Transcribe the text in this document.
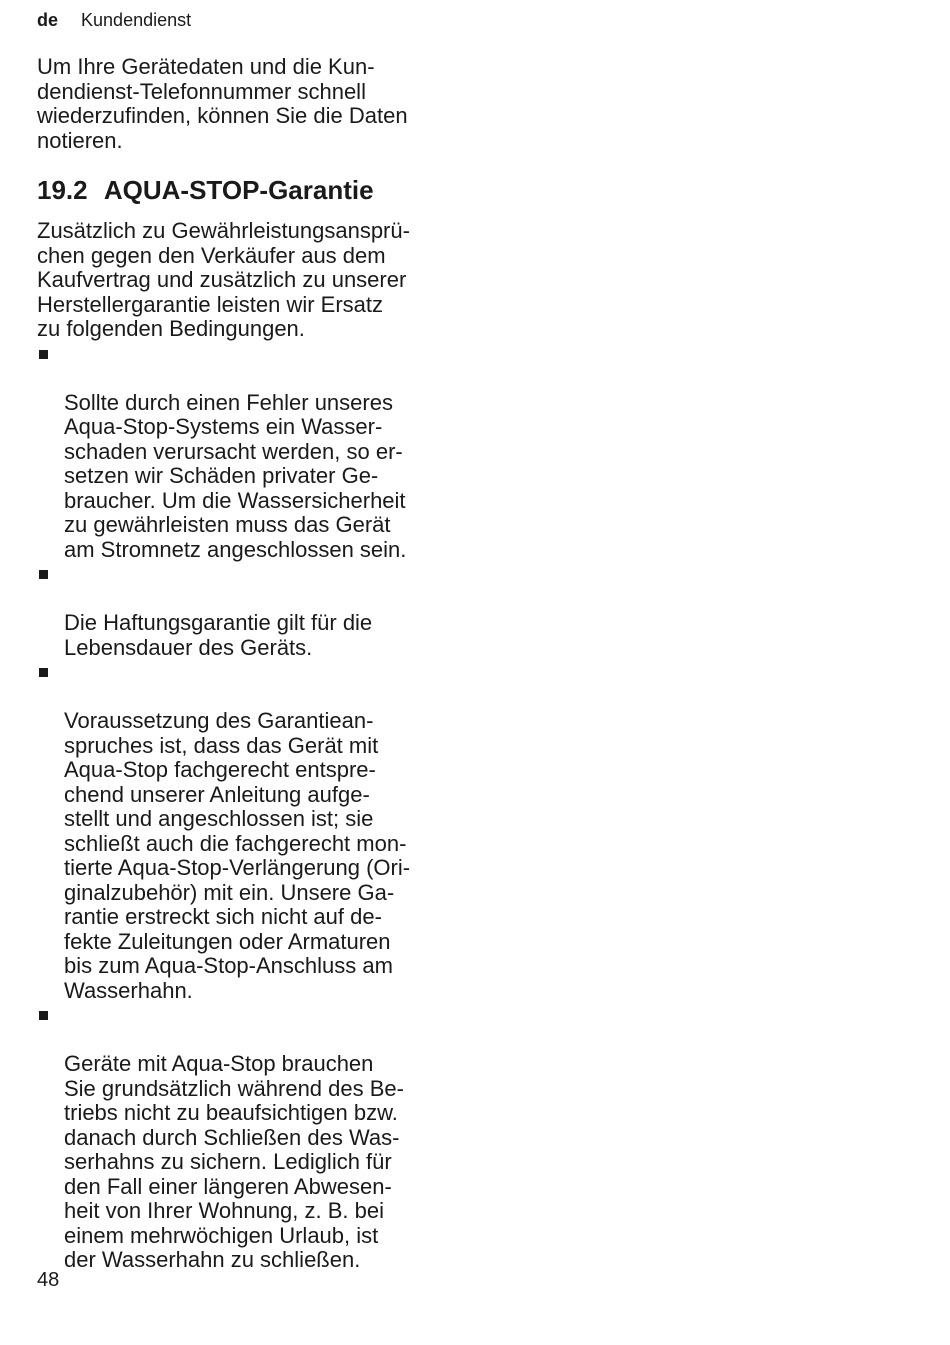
de Kundendienst

Um Ihre Gerätedaten und die Kun-
dendienst-Telefonnummer schnell
wiederzufinden, können Sie die Daten
notieren.

19.2 AQUA-STOP-Garantie

Zusätzlich zu Gewährleistungsansprü-
chen gegen den Verkäufer aus dem
Kaufvertrag und zusätzlich zu unserer
Herstellergarantie leisten wir Ersatz
zu folgenden Bedingungen.

Sollte durch einen Fehler unseres
Aqua-Stop-Systems ein Wasser-
schaden verursacht werden, so er-
setzen wir Schäden privater Ge-
braucher. Um die Wassersicherheit
zu gewährleisten muss das Gerät
am Stromnetz angeschlossen sein.

Die Haftungsgarantie gilt für die
Lebensdauer des Geräts.

Voraussetzung des Garantiean-
spruches ist, dass das Gerät mit
Aqua-Stop fachgerecht entspre-
chend unserer Anleitung aufge-
stellt und angeschlossen ist; sie
schließt auch die fachgerecht mon-
tierte Aqua-Stop-Verlängerung (Ori-
ginalzubehör) mit ein. Unsere Ga-
rantie erstreckt sich nicht auf de-
fekte Zuleitungen oder Armaturen
bis zum Aqua-Stop-Anschluss am
Wasserhahn.

Geräte mit Aqua-Stop brauchen
Sie grundsätzlich während des Be-
triebs nicht zu beaufsichtigen bzw.
danach durch Schließen des Was-
serhahns zu sichern. Lediglich für
den Fall einer längeren Abwesen-
heit von Ihrer Wohnung, z. B. bei
einem mehrwöchigen Urlaub, ist
der Wasserhahn zu schließen.

48
